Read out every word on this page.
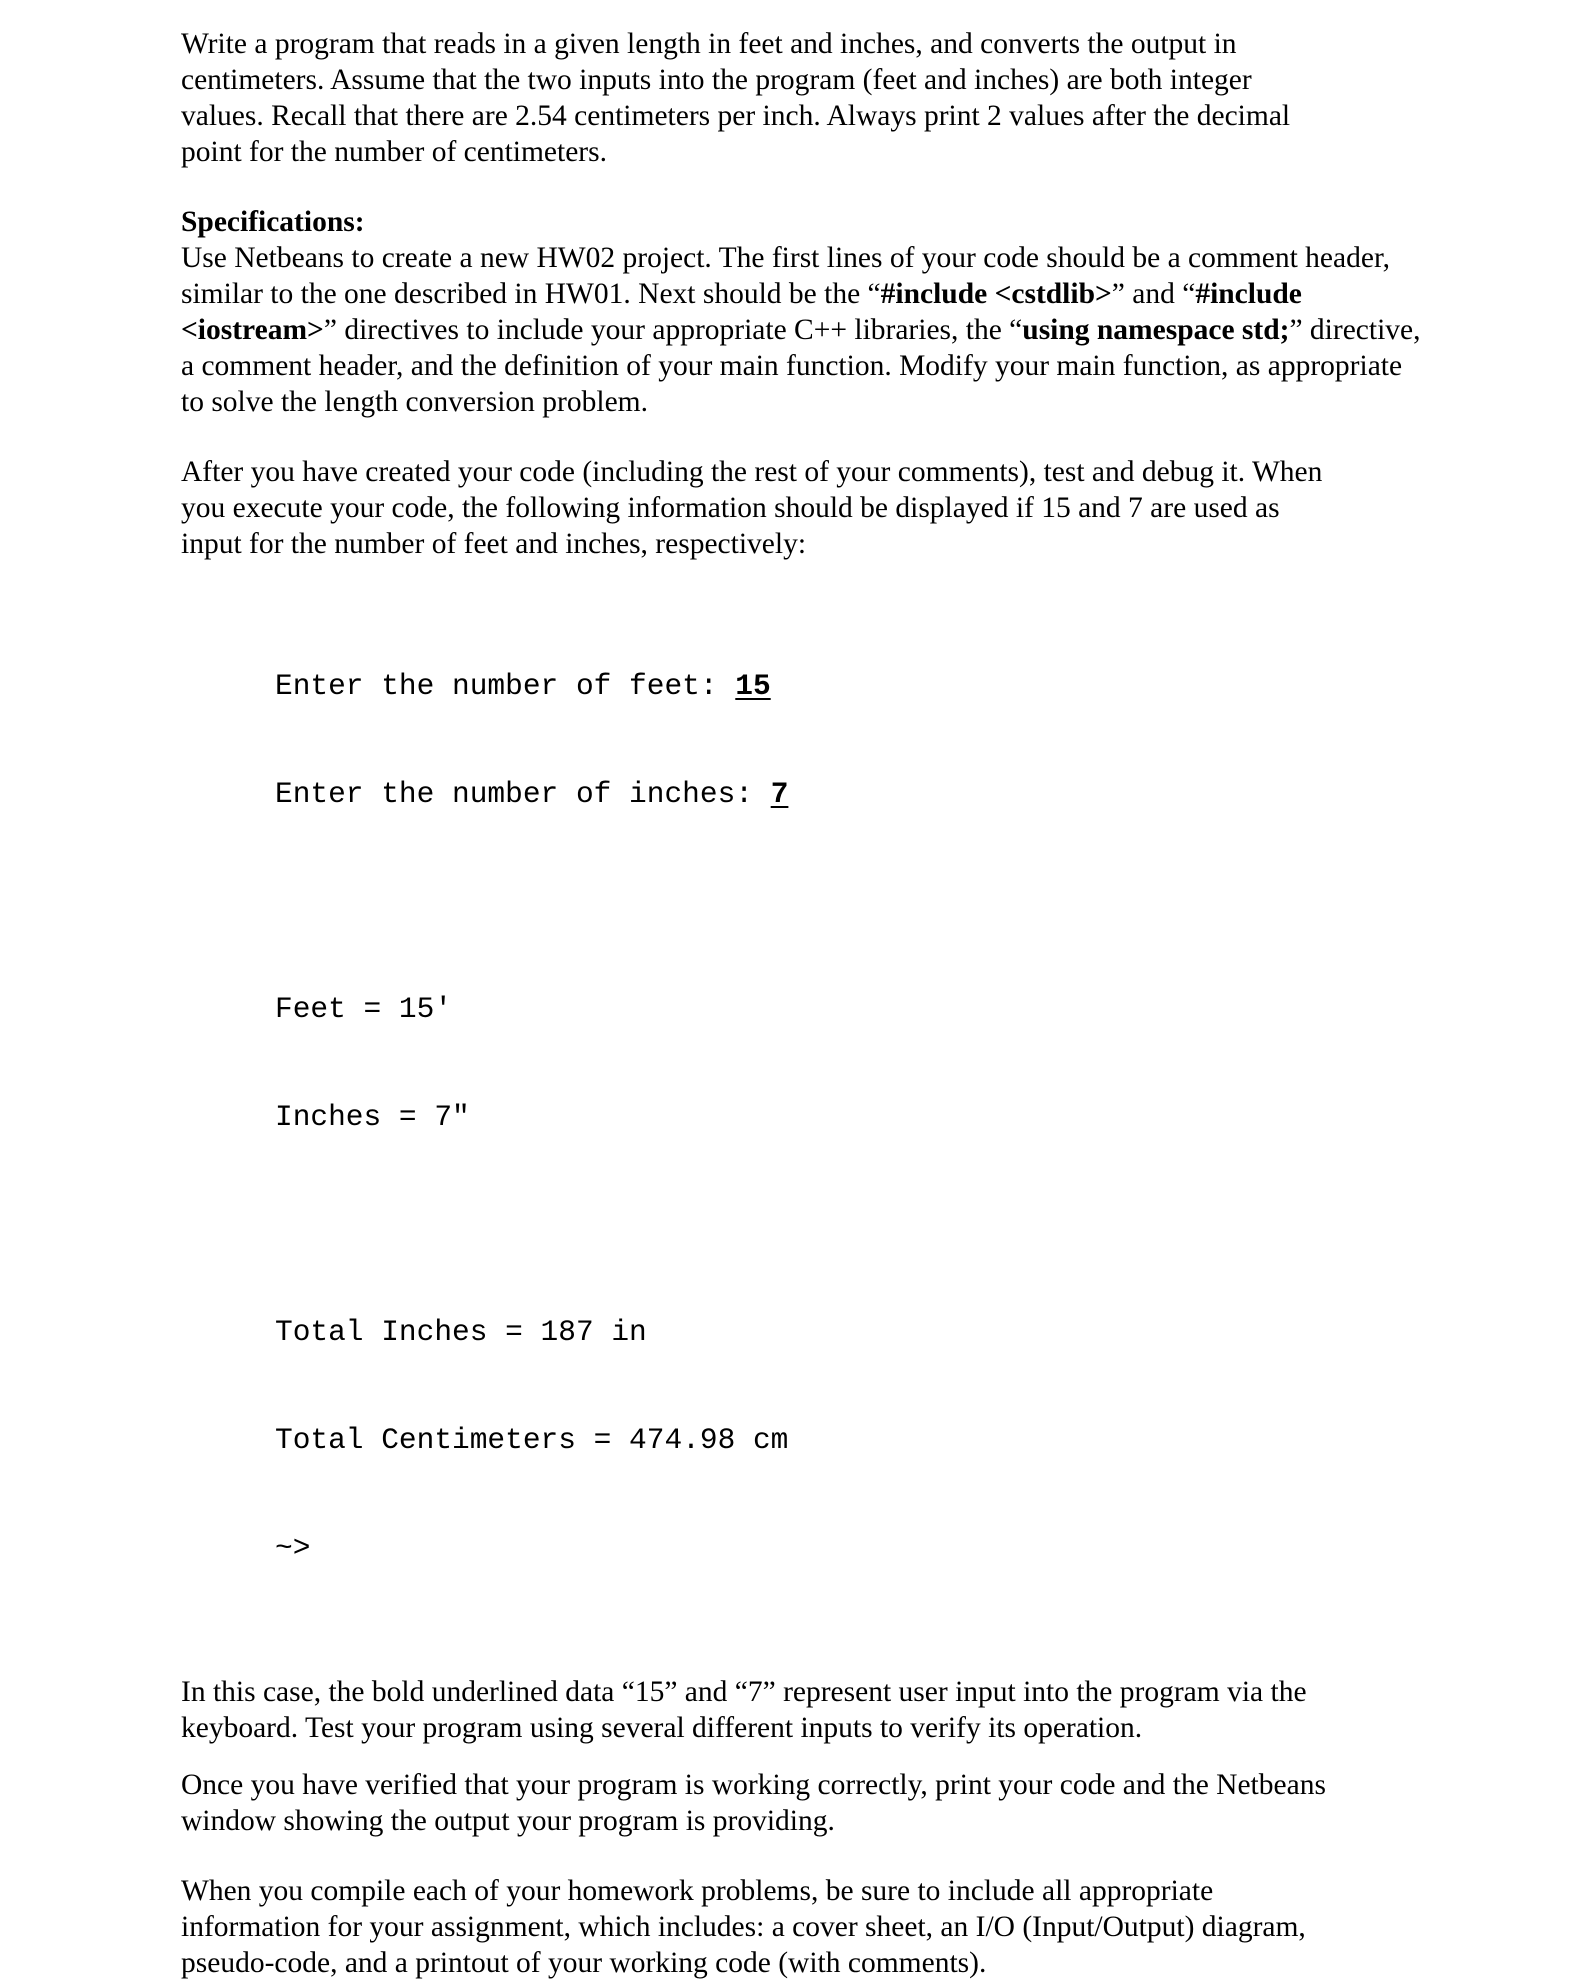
Write a program that reads in a given length in feet and inches, and converts the output in
centimeters. Assume that the two inputs into the program (feet and inches) are both integer
values. Recall that there are 2.54 centimeters per inch. Always print 2 values after the decimal
point for the number of centimeters.

Specifications:

Use Netbeans to create a new HW02 project. The first lines of your code should be a comment header, similar to the one described in HW01. Next should be the “#include <cstdlib>” and “#include <iostream>” directives to include your appropriate C++ libraries, the “using namespace std;” directive, a comment header, and the definition of your main function. Modify your main function, as appropriate to solve the length conversion problem.

After you have created your code (including the rest of your comments), test and debug it. When
you execute your code, the following information should be displayed if 15 and 7 are used as
input for the number of feet and inches, respectively:

Enter the number of feet: 15

Enter the number of inches: 7

Feet = 15′

Inches = 7″

Total Inches = 187 in

Total Centimeters = 474.98 cm

~>

In this case, the bold underlined data “15” and “7” represent user input into the program via the
keyboard. Test your program using several different inputs to verify its operation.

Once you have verified that your program is working correctly, print your code and the Netbeans
window showing the output your program is providing.

When you compile each of your homework problems, be sure to include all appropriate
information for your assignment, which includes: a cover sheet, an I/O (Input/Output) diagram,
pseudo-code, and a printout of your working code (with comments).
